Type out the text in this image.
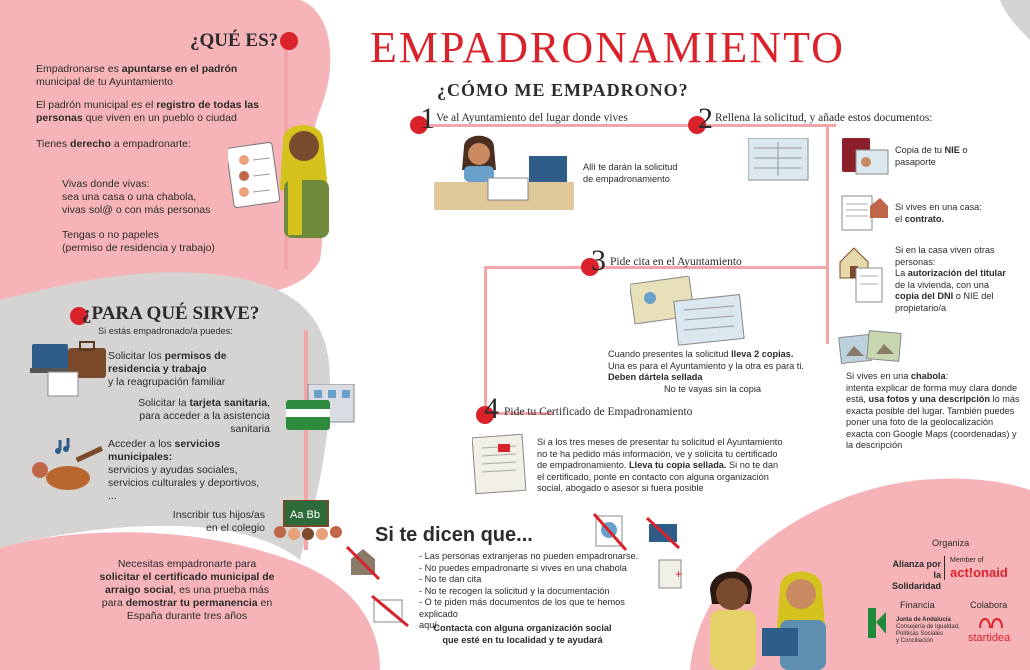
EMPADRONAMIENTO
¿QUÉ ES?
Empadronarse es apuntarse en el padrón
municipal de tu Ayuntamiento
El padrón municipal es el registro de todas las
personas que viven en un pueblo o ciudad
Tienes derecho a empadronarte:
Vivas donde vivas:
sea una casa o una chabola,
vivas sol@ o con más personas
Tengas o no papeles
(permiso de residencia y trabajo)
¿PARA QUÉ SIRVE?
Si estás empadronado/a puedes:
Solicitar los permisos de
residencia y trabajo
y la reagrupación familiar
Solicitar la tarjeta sanitaria,
para acceder a la asistencia
sanitaria
Acceder a los servicios
municipales:
servicios y ayudas sociales,
servicios culturales y deportivos,
...
Inscribir tus hijos/as
en el colegio
Aa Bb
Necesitas empadronarte para
solicitar el certificado municipal de
arraigo social, es una prueba más
para demostrar tu permanencia en
España durante tres años
¿CÓMO ME EMPADRONO?
1 Ve al Ayuntamiento del lugar donde vives
Allí te darán la solicitud
de empadronamiento
2 Rellena la solicitud, y añade estos documentos:
Copia de tu NIE o
pasaporte
Si vives en una casa:
el contrato.
Si en la casa viven otras
personas:
La autorización del titular
de la vivienda, con una
copia del DNI o NIE del
propietario/a
Si vives en una chabola:
intenta explicar de forma muy clara donde
está, usa fotos y una descripción lo más
exacta posible del lugar. También puedes
poner una foto de la geolocalización
exacta con Google Maps (coordenadas) y
la descripción
3 Pide cita en el Ayuntamiento
Cuando presentes la solicitud lleva 2 copias.
Una es para el Ayuntamiento y la otra es para ti.
Deben dártela sellada
No te vayas sin la copia
4 Pide tu Certificado de Empadronamiento
Si a los tres meses de presentar tu solicitud el Ayuntamiento
no te ha pedido más información, ve y solicita tu certificado
de empadronamiento. Lleva tu copia sellada. Si no te dan
el certificado, ponte en contacto con alguna organización
social, abogado o asesor si fuera posible
Si te dicen que...
+
- Las personas extranjeras no pueden empadronarse.
- No puedes empadronarte si vives en una chabola
- No te dan cita
- No te recogen la solicitud y la documentación
- O te piden más documentos de los que te hemos explicado
aquí.
Contacta con alguna organización social
que esté en tu localidad y te ayudará
Organiza
Alianza por la
Solidaridad
Member of
act!onaid
Financia	Colabora
Junta de Andalucía
Consejería de Igualdad, Políticas Sociales
y Conciliación	startidea
